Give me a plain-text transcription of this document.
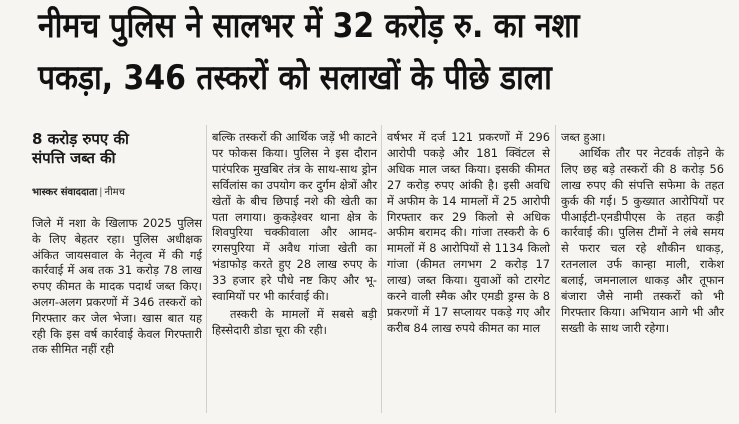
नीमच पुलिस ने सालभर में 32 करोड़ रु. का नशा
पकड़ा, 346 तस्करों को सलाखों के पीछे डाला
8 करोड़ रुपए की
संपत्ति जब्त की
भास्कर संवाददाता | नीमच

जिले में नशा के खिलाफ 2025 पुलिस के लिए बेहतर रहा। पुलिस अधीक्षक अंकित जायसवाल के नेतृत्व में की गई कार्रवाई में अब तक 31 करोड़ 78 लाख रुपए कीमत के मादक पदार्थ जब्त किए। अलग-अलग प्रकरणों में 346 तस्करों को गिरफ्तार कर जेल भेजा। खास बात यह रही कि इस वर्ष कार्रवाई केवल गिरफ्तारी तक सीमित नहीं रही

बल्कि तस्करों की आर्थिक जड़ें भी काटने पर फोकस किया। पुलिस ने इस दौरान पारंपरिक मुखबिर तंत्र के साथ-साथ ड्रोन सर्विलांस का उपयोग कर दुर्गम क्षेत्रों और खेतों के बीच छिपाई नशे की खेती का पता लगाया। कुकड़ेश्वर थाना क्षेत्र के शिवपुरिया चक्कीवाला और आमद-रगसपुरिया में अवैध गांजा खेती का भंडाफोड़ करते हुए 28 लाख रुपए के 33 हजार हरे पौधे नष्ट किए और भू-स्वामियों पर भी कार्रवाई की।

तस्करी के मामलों में सबसे बड़ी हिस्सेदारी डोडा चूरा की रही।

वर्षभर में दर्ज 121 प्रकरणों में 296 आरोपी पकड़े और 181 क्विंटल से अधिक माल जब्त किया। इसकी कीमत 27 करोड़ रुपए आंकी है। इसी अवधि में अफीम के 14 मामलों में 25 आरोपी गिरफ्तार कर 29 किलो से अधिक अफीम बरामद की। गांजा तस्करी के 6 मामलों में 8 आरोपियों से 1134 किलो गांजा (कीमत लगभग 2 करोड़ 17 लाख) जब्त किया। युवाओं को टारगेट करने वाली स्मैक और एमडी ड्रग्स के 8 प्रकरणों में 17 सप्लायर पकड़े गए और करीब 84 लाख रुपये कीमत का माल

जब्त हुआ।

आर्थिक तौर पर नेटवर्क तोड़ने के लिए छह बड़े तस्करों की 8 करोड़ 56 लाख रुपए की संपत्ति सफेमा के तहत कुर्क की गई। 5 कुख्यात आरोपियों पर पीआईटी-एनडीपीएस के तहत कड़ी कार्रवाई की। पुलिस टीमों ने लंबे समय से फरार चल रहे शौकीन धाकड़, रतनलाल उर्फ कान्हा माली, राकेश बलाई, जमनालाल धाकड़ और तूफान बंजारा जैसे नामी तस्करों को भी गिरफ्तार किया। अभियान आगे भी और सख्ती के साथ जारी रहेगा।
